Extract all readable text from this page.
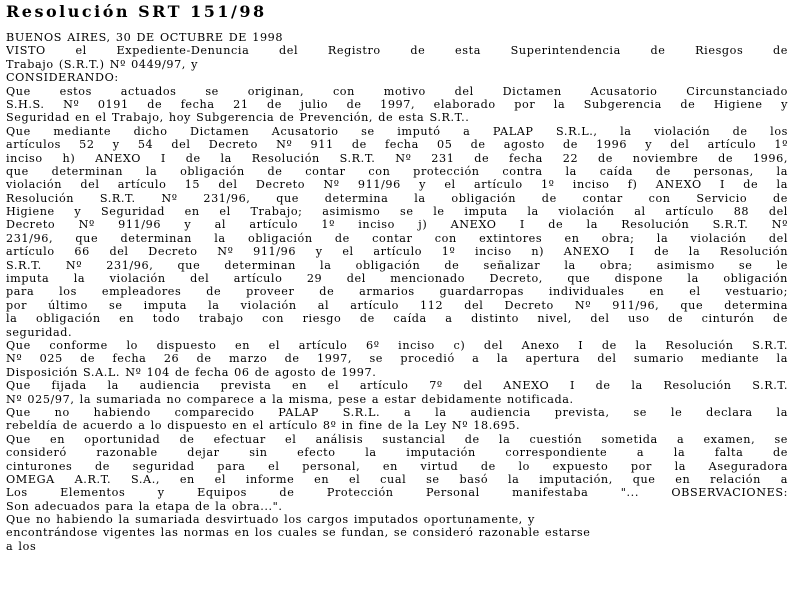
Resolución SRT 151/98
BUENOS AIRES, 30 DE OCTUBRE DE 1998
VISTO el Expediente-Denuncia del Registro de esta Superintendencia de Riesgos de
Trabajo (S.R.T.) Nº 0449/97, y
CONSIDERANDO:
Que estos actuados se originan, con motivo del Dictamen Acusatorio Circunstanciado
S.H.S. Nº 0191 de fecha 21 de julio de 1997, elaborado por la Subgerencia de Higiene y
Seguridad en el Trabajo, hoy Subgerencia de Prevención, de esta S.R.T..
Que mediante dicho Dictamen Acusatorio se imputó a PALAP S.R.L., la violación de los
artículos 52 y 54 del Decreto Nº 911 de fecha 05 de agosto de 1996 y del artículo 1º
inciso h) ANEXO I de la Resolución S.R.T. Nº 231 de fecha 22 de noviembre de 1996,
que determinan la obligación de contar con protección contra la caída de personas, la
violación del artículo 15 del Decreto Nº 911/96 y el artículo 1º inciso f) ANEXO I de la
Resolución S.R.T. Nº 231/96, que determina la obligación de contar con Servicio de
Higiene y Seguridad en el Trabajo; asimismo se le imputa la violación al artículo 88 del
Decreto Nº 911/96 y al artículo 1º inciso j) ANEXO I de la Resolución S.R.T. Nº
231/96, que determinan la obligación de contar con extintores en obra; la violación del
artículo 66 del Decreto Nº 911/96 y el artículo 1º inciso n) ANEXO I de la Resolución
S.R.T. Nº 231/96, que determinan la obligación de señalizar la obra; asimismo se le
imputa la violación del artículo 29 del mencionado Decreto, que dispone la obligación
para los empleadores de proveer de armarios guardarropas individuales en el vestuario;
por último se imputa la violación al artículo 112 del Decreto Nº 911/96, que determina
la obligación en todo trabajo con riesgo de caída a distinto nivel, del uso de cinturón de
seguridad.
Que conforme lo dispuesto en el artículo 6º inciso c) del Anexo I de la Resolución S.R.T.
Nº 025 de fecha 26 de marzo de 1997, se procedió a la apertura del sumario mediante la
Disposición S.A.L. Nº 104 de fecha 06 de agosto de 1997.
Que fijada la audiencia prevista en el artículo 7º del ANEXO I de la Resolución S.R.T.
Nº 025/97, la sumariada no comparece a la misma, pese a estar debidamente notificada.
Que no habiendo comparecido PALAP S.R.L. a la audiencia prevista, se le declara la
rebeldía de acuerdo a lo dispuesto en el artículo 8º in fine de la Ley Nº 18.695.
Que en oportunidad de efectuar el análisis sustancial de la cuestión sometida a examen, se
consideró razonable dejar sin efecto la imputación correspondiente a la falta de
cinturones de seguridad para el personal, en virtud de lo expuesto por la Aseguradora
OMEGA A.R.T. S.A., en el informe en el cual se basó la imputación, que en relación a
Los Elementos y Equipos de Protección Personal manifestaba "... OBSERVACIONES:
Son adecuados para la etapa de la obra...".
Que no habiendo la sumariada desvirtuado los cargos imputados oportunamente, y
encontrándose vigentes las normas en los cuales se fundan, se consideró razonable estarse
a los
